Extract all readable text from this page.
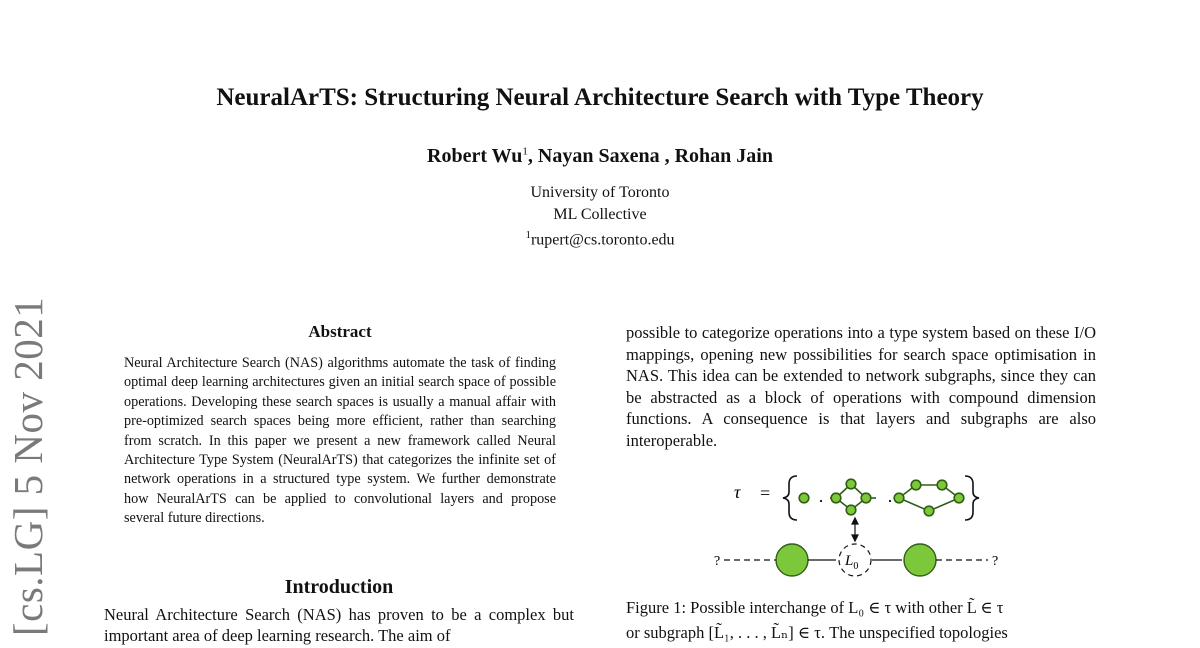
NeuralArTS: Structuring Neural Architecture Search with Type Theory
Robert Wu$^1$, Nayan Saxena , Rohan Jain
University of Toronto
ML Collective
$^1$rupert@cs.toronto.edu
[cs.LG] 5 Nov 2021	Abstract
Neural Architecture Search (NAS) algorithms automate the task of finding optimal deep learning architectures given an initial search space of possible operations. Developing these search spaces is usually a manual affair with pre-optimized search spaces being more efficient, rather than searching from scratch. In this paper we present a new framework called Neural Architecture Type System (NeuralArTS) that categorizes the infinite set of network operations in a structured type system. We further demonstrate how NeuralArTS can be applied to convolutional layers and propose several future directions.
Introduction
Neural Architecture Search (NAS) has proven to be a complex but important area of deep learning research. The aim of
possible to categorize operations into a type system based on these I/O mappings, opening new possibilities for search space optimisation in NAS. This idea can be extended to network subgraphs, since they can be abstracted as a block of operations with compound dimension functions. A consequence is that layers and subgraphs are also interoperable.
τ =
?	$L_0$	?
Figure 1: Possible interchange of L₀ ∈ τ with other L̃ ∈ τ
or subgraph [L̃₁, . . . , L̃ₙ] ∈ τ. The unspecified topologies
